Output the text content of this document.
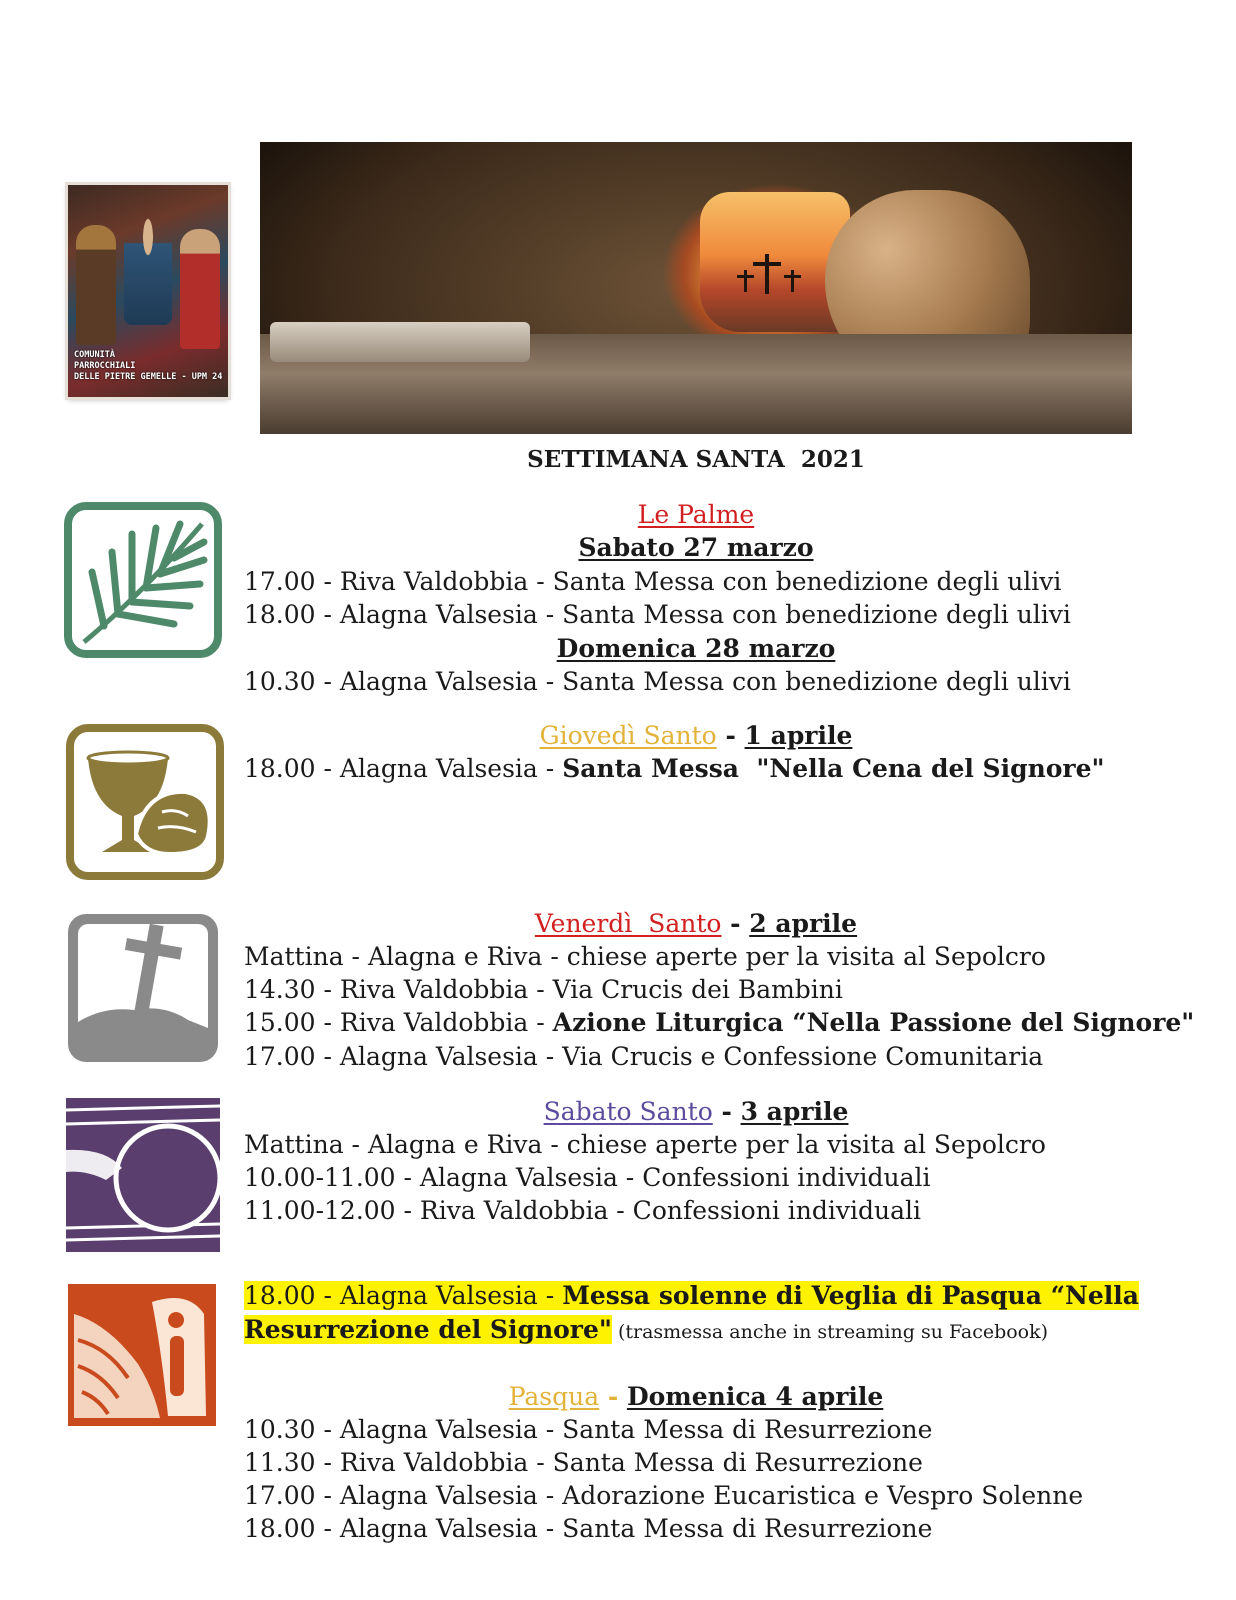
COMUNITÀ
PARROCCHIALI
DELLE PIETRE GEMELLE - UPM 24
SETTIMANA SANTA  2021
Le Palme
Sabato 27 marzo
17.00 - Riva Valdobbia - Santa Messa con benedizione degli ulivi
18.00 - Alagna Valsesia - Santa Messa con benedizione degli ulivi
Domenica 28 marzo
10.30 - Alagna Valsesia - Santa Messa con benedizione degli ulivi
Giovedì Santo - 1 aprile
18.00 - Alagna Valsesia - Santa Messa  "Nella Cena del Signore"
Venerdì  Santo - 2 aprile
Mattina - Alagna e Riva - chiese aperte per la visita al Sepolcro
14.30 - Riva Valdobbia - Via Crucis dei Bambini
15.00 - Riva Valdobbia - Azione Liturgica “Nella Passione del Signore"
17.00 - Alagna Valsesia - Via Crucis e Confessione Comunitaria
Sabato Santo - 3 aprile
Mattina - Alagna e Riva - chiese aperte per la visita al Sepolcro
10.00-11.00 - Alagna Valsesia - Confessioni individuali
11.00-12.00 - Riva Valdobbia - Confessioni individuali
18.00 - Alagna Valsesia - Messa solenne di Veglia di Pasqua “Nella
Resurrezione del Signore" (trasmessa anche in streaming su Facebook)
Pasqua - Domenica 4 aprile
10.30 - Alagna Valsesia - Santa Messa di Resurrezione
11.30 - Riva Valdobbia - Santa Messa di Resurrezione
17.00 - Alagna Valsesia - Adorazione Eucaristica e Vespro Solenne
18.00 - Alagna Valsesia - Santa Messa di Resurrezione
